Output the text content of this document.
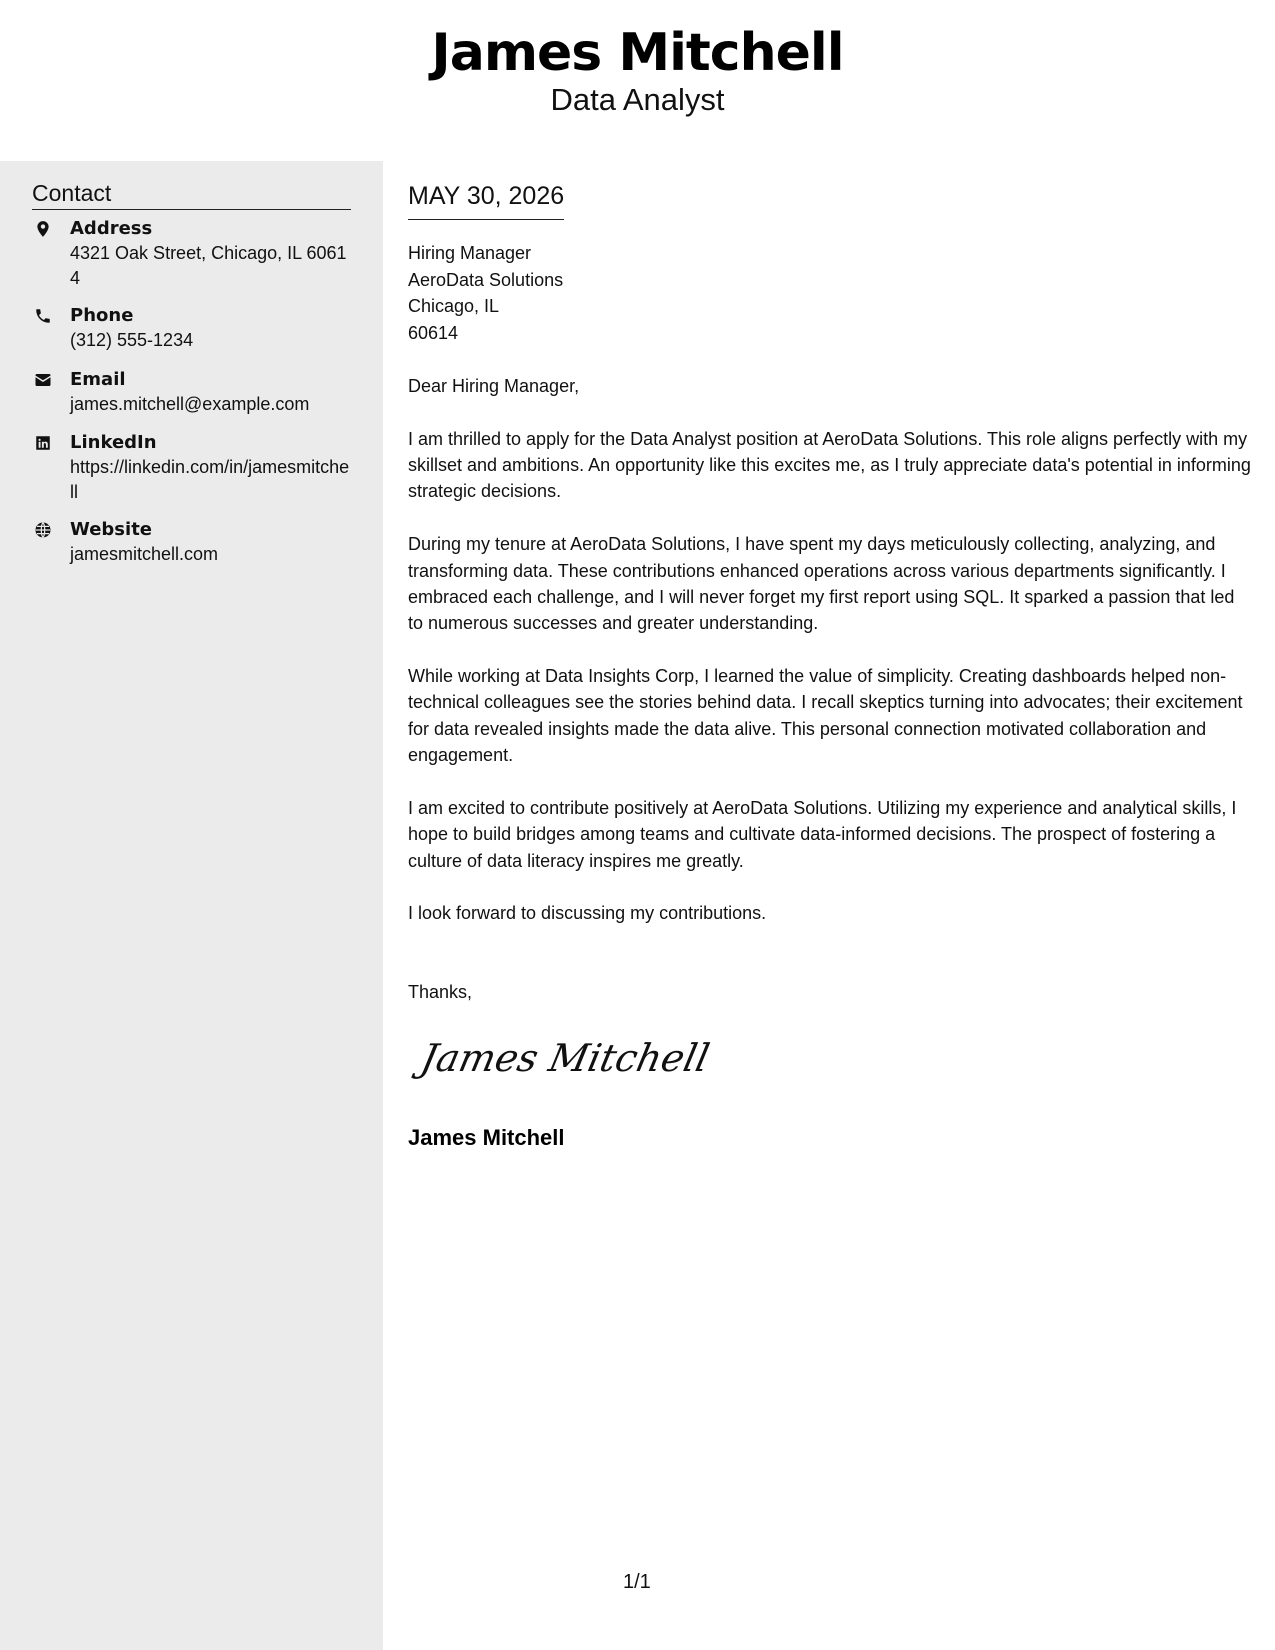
James Mitchell
Data Analyst
Contact
Address
4321 Oak Street, Chicago, IL 60614
Phone
(312) 555-1234
Email
james.mitchell@example.com
LinkedIn
https://linkedin.com/in/jamesmitchell
Website
jamesmitchell.com
MAY 30, 2026
Hiring Manager
AeroData Solutions
Chicago, IL
60614

Dear Hiring Manager,

I am thrilled to apply for the Data Analyst position at AeroData Solutions. This role aligns perfectly with my skillset and ambitions. An opportunity like this excites me, as I truly appreciate data's potential in informing strategic decisions.

During my tenure at AeroData Solutions, I have spent my days meticulously collecting, analyzing, and transforming data. These contributions enhanced operations across various departments significantly. I embraced each challenge, and I will never forget my first report using SQL. It sparked a passion that led to numerous successes and greater understanding.

While working at Data Insights Corp, I learned the value of simplicity. Creating dashboards helped non-technical colleagues see the stories behind data. I recall skeptics turning into advocates; their excitement for data revealed insights made the data alive. This personal connection motivated collaboration and engagement.

I am excited to contribute positively at AeroData Solutions. Utilizing my experience and analytical skills, I hope to build bridges among teams and cultivate data-informed decisions. The prospect of fostering a culture of data literacy inspires me greatly.

I look forward to discussing my contributions.

Thanks,
James Mitchell
James Mitchell
1/1
